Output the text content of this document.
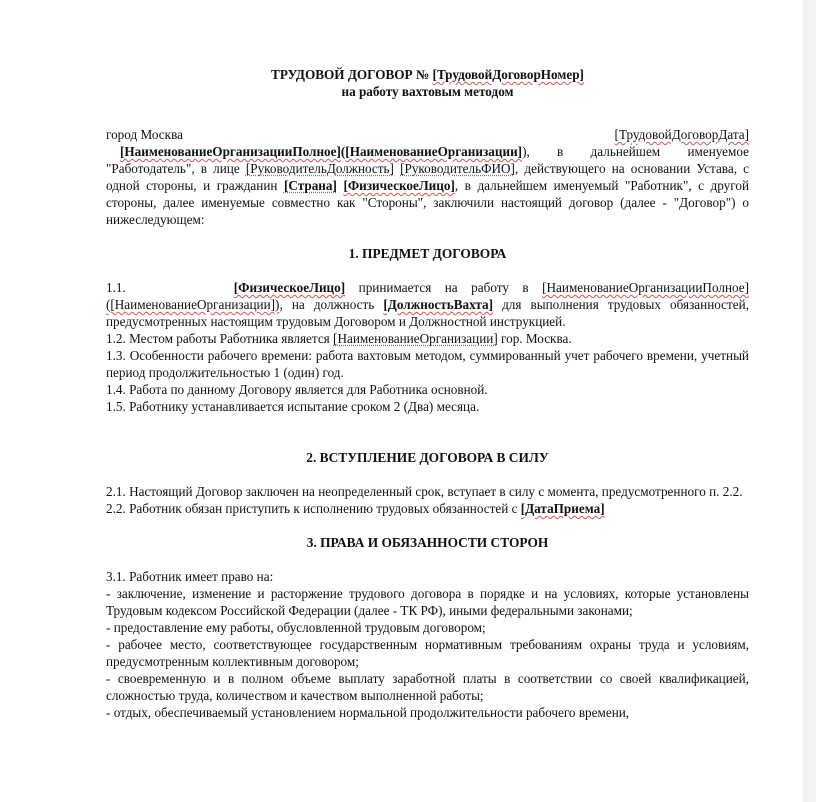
ТРУДОВОЙ ДОГОВОР № [ТрудовойДоговорНомер]
на работу вахтовым методом
город Москва	[ТрудовойДоговорДата]

[НаименованиеОрганизацииПолное]([НаименованиеОрганизации]), в дальнейшем именуемое "Работодатель", в лице [РуководительДолжность] [РуководительФИО], действующего на основании Устава, с одной стороны, и гражданин [Страна] [ФизическоеЛицо], в дальнейшем именуемый "Работник", с другой стороны, далее именуемые совместно как "Стороны", заключили настоящий договор (далее - "Договор") о нижеследующем:

1. ПРЕДМЕТ ДОГОВОРА

1.1.	[ФизическоеЛицо] принимается на работу в [НаименованиеОрганизацииПолное]([НаименованиеОрганизации]), на должность [ДолжностьВахта] для выполнения трудовых обязанностей, предусмотренных настоящим трудовым Договором и Должностной инструкцией.

1.2. Местом работы Работника является [НаименованиеОрганизации] гор. Москва.

1.3. Особенности рабочего времени: работа вахтовым методом, суммированный учет рабочего времени, учетный период продолжительностью 1 (один) год.

1.4. Работа по данному Договору является для Работника основной.

1.5. Работнику устанавливается испытание сроком 2 (Два) месяца.

2. ВСТУПЛЕНИЕ ДОГОВОРА В СИЛУ

2.1. Настоящий Договор заключен на неопределенный срок, вступает в силу с момента, предусмотренного п. 2.2.

2.2. Работник обязан приступить к исполнению трудовых обязанностей с [ДатаПриема]

3. ПРАВА И ОБЯЗАННОСТИ СТОРОН

3.1. Работник имеет право на:

- заключение, изменение и расторжение трудового договора в порядке и на условиях, которые установлены Трудовым кодексом Российской Федерации (далее - ТК РФ), иными федеральными законами;

- предоставление ему работы, обусловленной трудовым договором;

- рабочее место, соответствующее государственным нормативным требованиям охраны труда и условиям, предусмотренным коллективным договором;

- своевременную и в полном объеме выплату заработной платы в соответствии со своей квалификацией, сложностью труда, количеством и качеством выполненной работы;

- отдых, обеспечиваемый установлением нормальной продолжительности рабочего времени,
